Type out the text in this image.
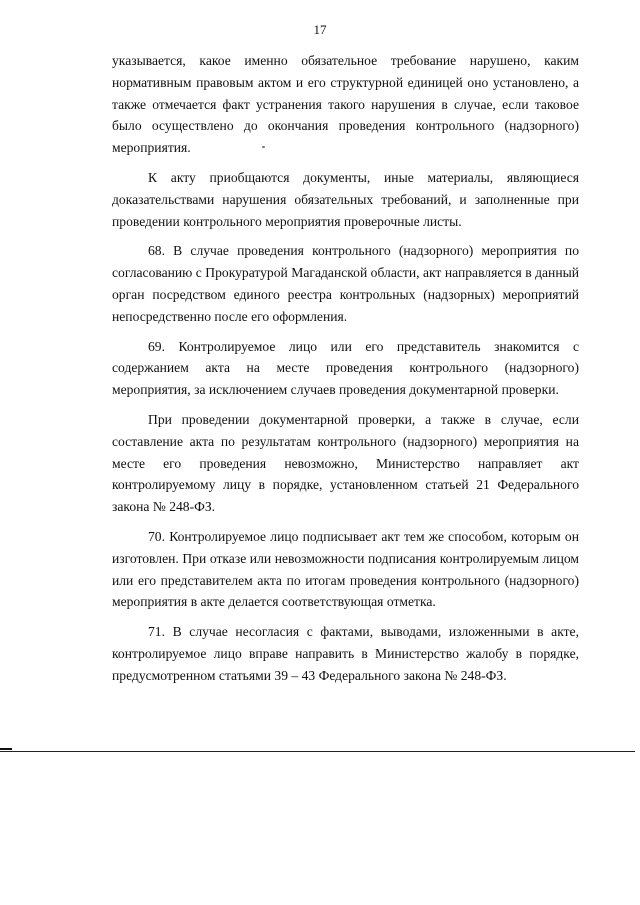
17

указывается, какое именно обязательное требование нарушено, каким нормативным правовым актом и его структурной единицей оно установлено, а также отмечается факт устранения такого нарушения в случае, если таковое было осуществлено до окончания проведения контрольного (надзорного) мероприятия.

К акту приобщаются документы, иные материалы, являющиеся доказательствами нарушения обязательных требований, и заполненные при проведении контрольного мероприятия проверочные листы.

68. В случае проведения контрольного (надзорного) мероприятия по согласованию с Прокуратурой Магаданской области, акт направляется в данный орган посредством единого реестра контрольных (надзорных) мероприятий непосредственно после его оформления.

69. Контролируемое лицо или его представитель знакомится с содержанием акта на месте проведения контрольного (надзорного) мероприятия, за исключением случаев проведения документарной проверки.

При проведении документарной проверки, а также в случае, если составление акта по результатам контрольного (надзорного) мероприятия на месте его проведения невозможно, Министерство направляет акт контролируемому лицу в порядке, установленном статьей 21 Федерального закона № 248-ФЗ.

70. Контролируемое лицо подписывает акт тем же способом, которым он изготовлен. При отказе или невозможности подписания контролируемым лицом или его представителем акта по итогам проведения контрольного (надзорного) мероприятия в акте делается соответствующая отметка.

71. В случае несогласия с фактами, выводами, изложенными в акте, контролируемое лицо вправе направить в Министерство жалобу в порядке, предусмотренном статьями 39 – 43 Федерального закона № 248-ФЗ.
